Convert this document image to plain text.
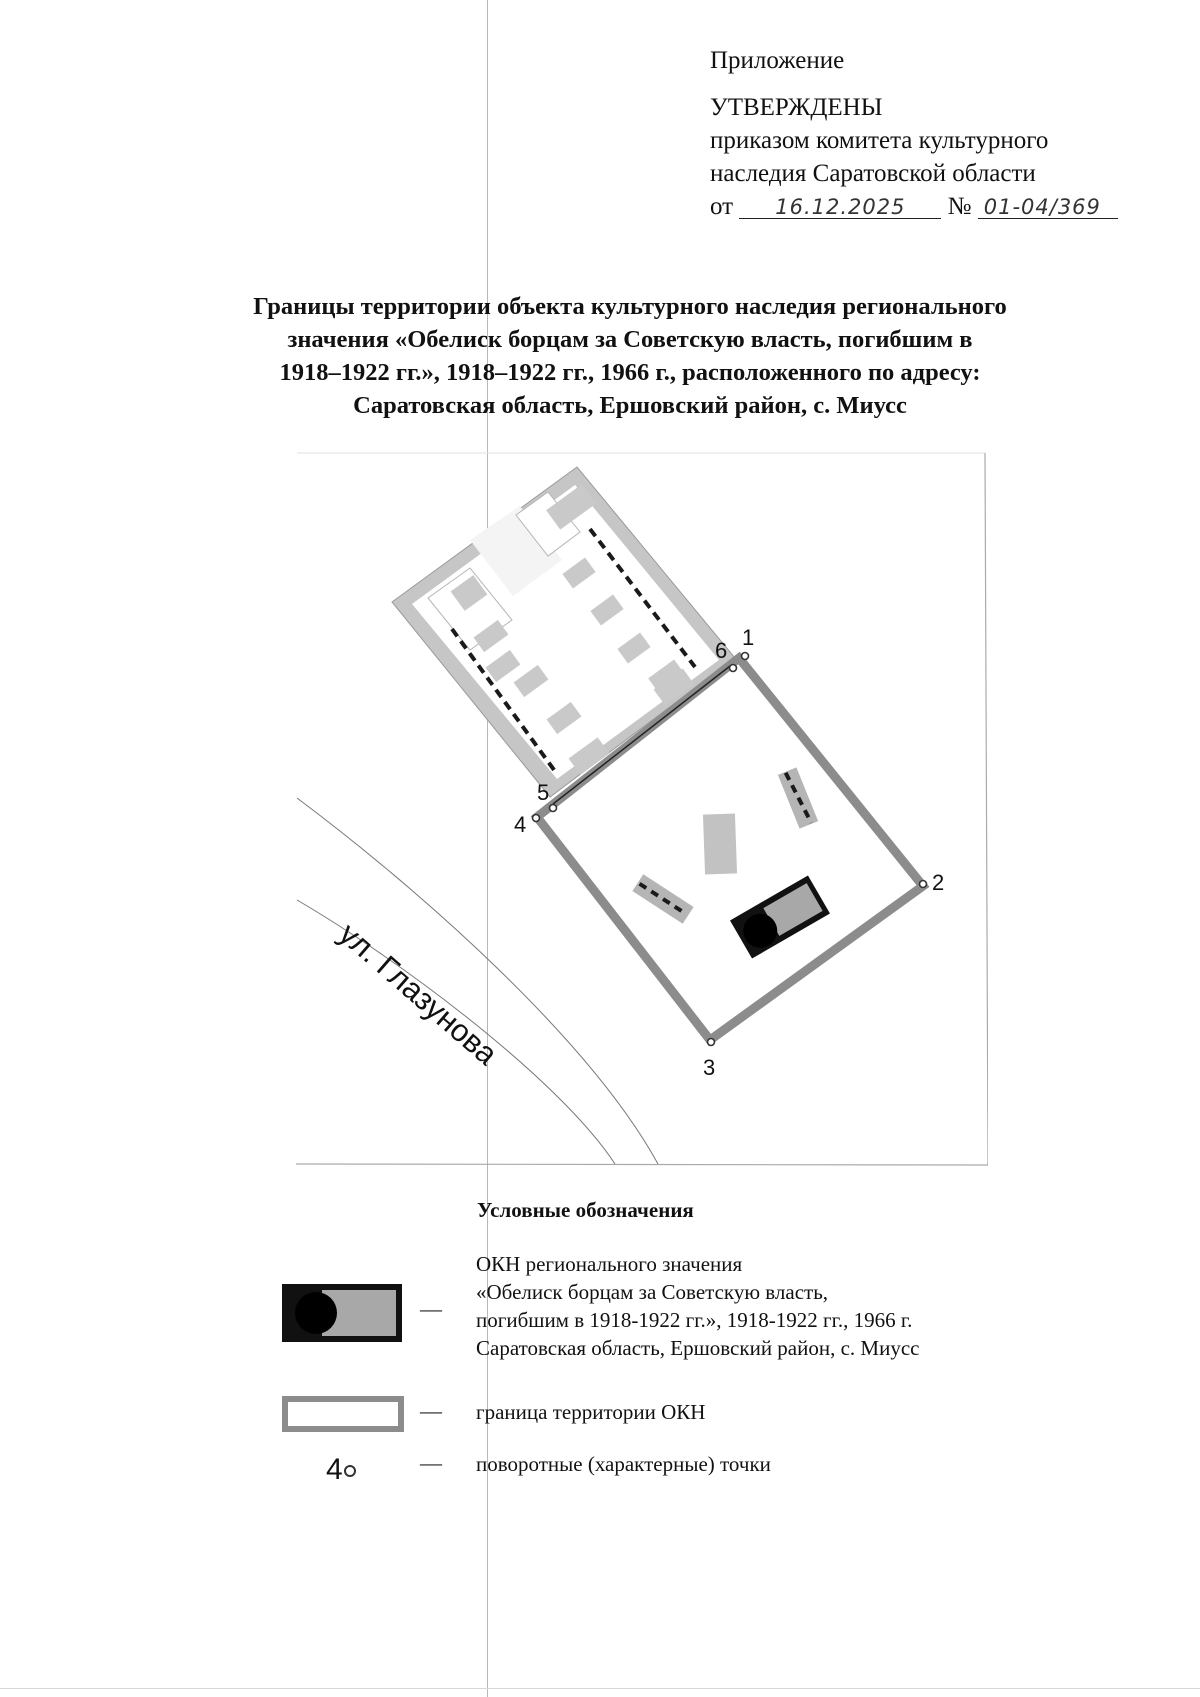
Приложение
УТВЕРЖДЕНЫ
приказом комитета культурного
наследия Саратовской области
от 16.12.2025 № 01-04/369
Границы территории объекта культурного наследия регионального
значения «Обелиск борцам за Советскую власть, погибшим в
1918–1922 гг.», 1918–1922 гг., 1966 г., расположенного по адресу:
Саратовская область, Ершовский район, с. Миусс
ул. Глазунова
1
2
3
4
5
6
Условные обозначения
—
ОКН регионального значения
«Обелиск борцам за Советскую власть,
погибшим в 1918-1922 гг.», 1918-1922 гг., 1966 г.
Саратовская область, Ершовский район, с. Миусс
— граница территории ОКН
4	— поворотные (характерные) точки
